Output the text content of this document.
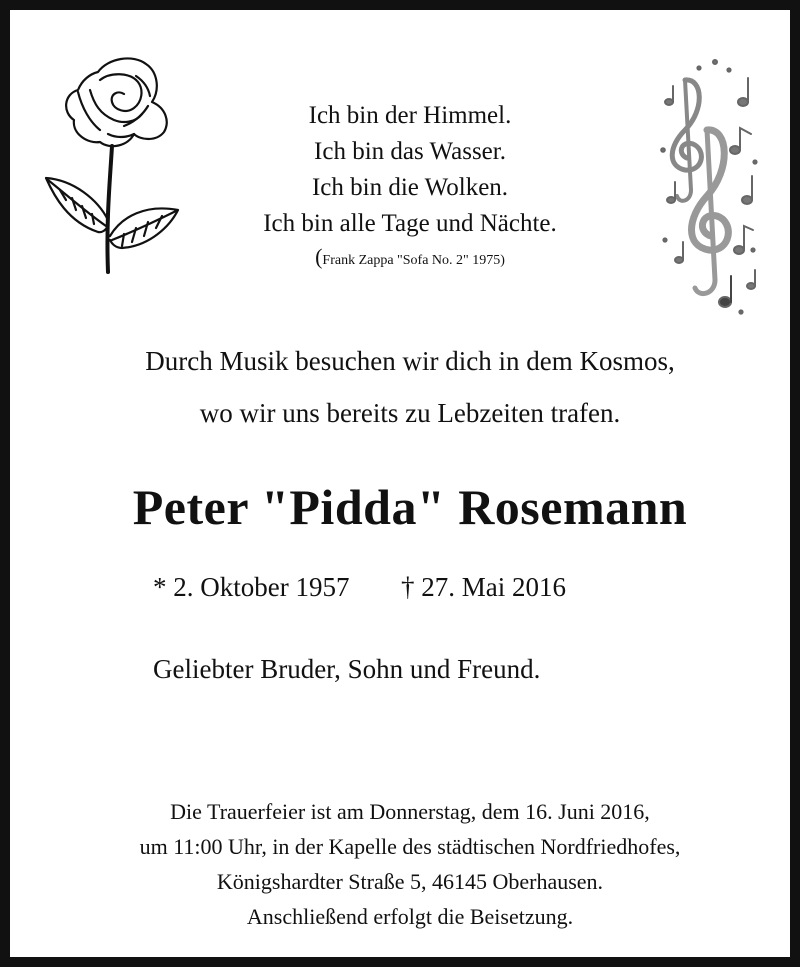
Ich bin der Himmel.
Ich bin das Wasser.
Ich bin die Wolken.
Ich bin alle Tage und Nächte.
(Frank Zappa "Sofa No. 2" 1975)
Durch Musik besuchen wir dich in dem Kosmos,
wo wir uns bereits zu Lebzeiten trafen.
Peter "Pidda" Rosemann
* 2. Oktober 1957 † 27. Mai 2016
Geliebter Bruder, Sohn und Freund.
Die Trauerfeier ist am Donnerstag, dem 16. Juni 2016,
um 11:00 Uhr, in der Kapelle des städtischen Nordfriedhofes,
Königshardter Straße 5, 46145 Oberhausen.
Anschließend erfolgt die Beisetzung.
